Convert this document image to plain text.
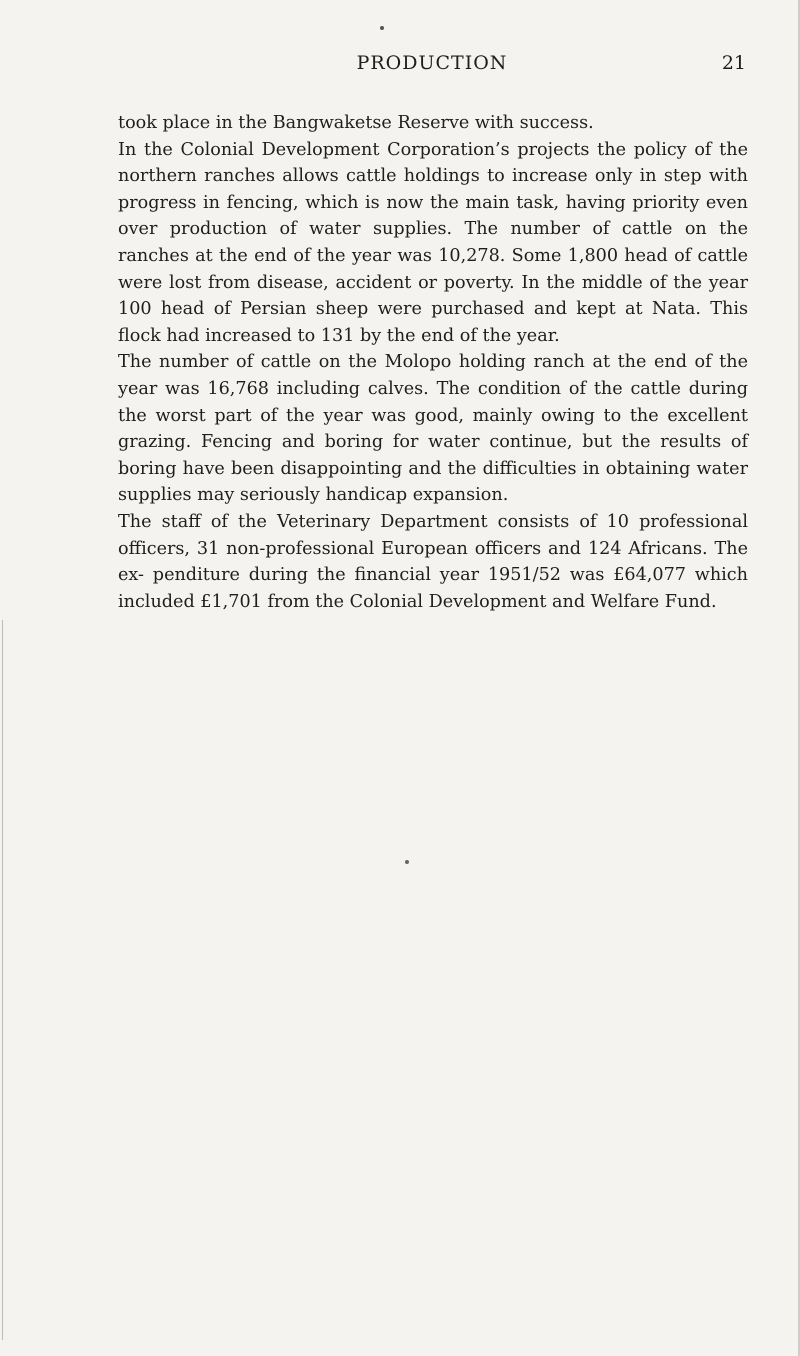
PRODUCTION	21

took place in the Bangwaketse Reserve with success.

In the Colonial Development Corporation’s projects the policy of the northern ranches allows cattle holdings to increase only in step with progress in fencing, which is now the main task, having priority even over production of water supplies. The number of cattle on the ranches at the end of the year was 10,278. Some 1,800 head of cattle were lost from disease, accident or poverty. In the middle of the year 100 head of Persian sheep were purchased and kept at Nata. This flock had increased to 131 by the end of the year.

The number of cattle on the Molopo holding ranch at the end of the year was 16,768 including calves. The condition of the cattle during the worst part of the year was good, mainly owing to the excellent grazing. Fencing and boring for water continue, but the results of boring have been disappointing and the difficulties in obtaining water supplies may seriously handicap expansion.

The staff of the Veterinary Department consists of 10 professional officers, 31 non-professional European officers and 124 Africans. The ex- penditure during the financial year 1951/52 was £64,077 which included £1,701 from the Colonial Development and Welfare Fund.
